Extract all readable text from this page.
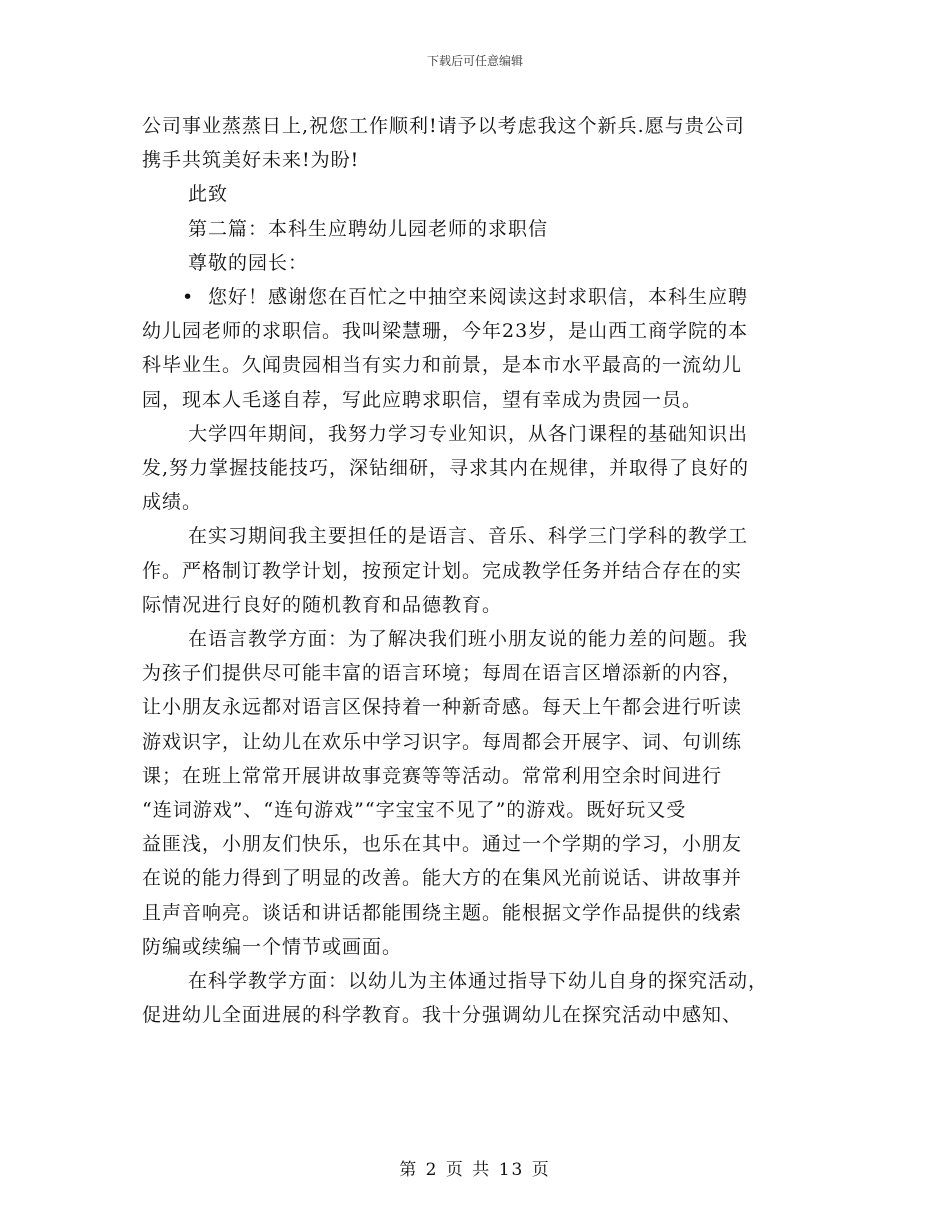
下载后可任意编辑
公司事业蒸蒸日上,祝您工作顺利!请予以考虑我这个新兵.愿与贵公司
携手共筑美好未来!为盼!
此致
第二篇：本科生应聘幼儿园老师的求职信
尊敬的园长：
• 您好！感谢您在百忙之中抽空来阅读这封求职信，本科生应聘
幼儿园老师的求职信。我叫梁慧珊，今年23岁，是山西工商学院的本
科毕业生。久闻贵园相当有实力和前景，是本市水平最高的一流幼儿
园，现本人毛遂自荐，写此应聘求职信，望有幸成为贵园一员。
大学四年期间，我努力学习专业知识，从各门课程的基础知识出
发,努力掌握技能技巧，深钻细研，寻求其内在规律，并取得了良好的
成绩。
在实习期间我主要担任的是语言、音乐、科学三门学科的教学工
作。严格制订教学计划，按预定计划。完成教学任务并结合存在的实
际情况进行良好的随机教育和品德教育。
在语言教学方面：为了解决我们班小朋友说的能力差的问题。我
为孩子们提供尽可能丰富的语言环境；每周在语言区增添新的内容，
让小朋友永远都对语言区保持着一种新奇感。每天上午都会进行听读
游戏识字，让幼儿在欢乐中学习识字。每周都会开展字、词、句训练
课；在班上常常开展讲故事竞赛等等活动。常常利用空余时间进行
“连词游戏”、“连句游戏”“字宝宝不见了”的游戏。既好玩又受
益匪浅，小朋友们快乐，也乐在其中。通过一个学期的学习，小朋友
在说的能力得到了明显的改善。能大方的在集风光前说话、讲故事并
且声音响亮。谈话和讲话都能围绕主题。能根据文学作品提供的线索
防编或续编一个情节或画面。
在科学教学方面：以幼儿为主体通过指导下幼儿自身的探究活动，
促进幼儿全面进展的科学教育。我十分强调幼儿在探究活动中感知、
第 2 页 共 13 页
